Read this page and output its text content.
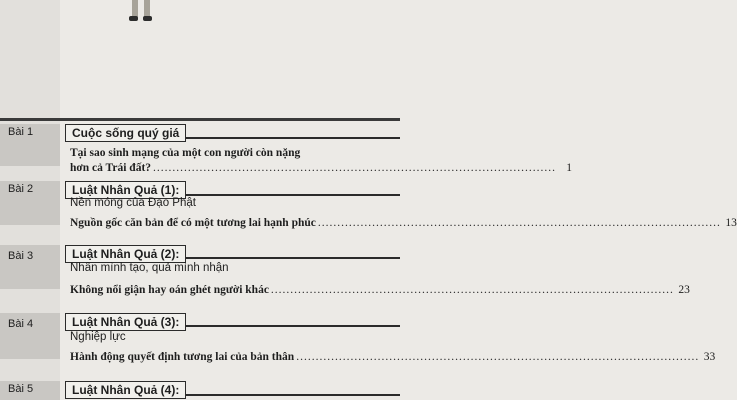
Bài 1	Cuộc sống quý giá
Tại sao sinh mạng của một con người còn nặng
hơn cả Trái đất? ........................................................................................................ 1
Bài 2	Luật Nhân Quả (1):
Nền móng của Đạo Phật
Nguồn gốc căn bản để có một tương lai hạnh phúc ........................................................................................................ 13
Bài 3	Luật Nhân Quả (2):
Nhân mình tạo, quả mình nhận
Không nổi giận hay oán ghét người khác ........................................................................................................ 23
Bài 4	Luật Nhân Quả (3):
Nghiệp lực
Hành động quyết định tương lai của bản thân ........................................................................................................ 33
Bài 5	Luật Nhân Quả (4):
